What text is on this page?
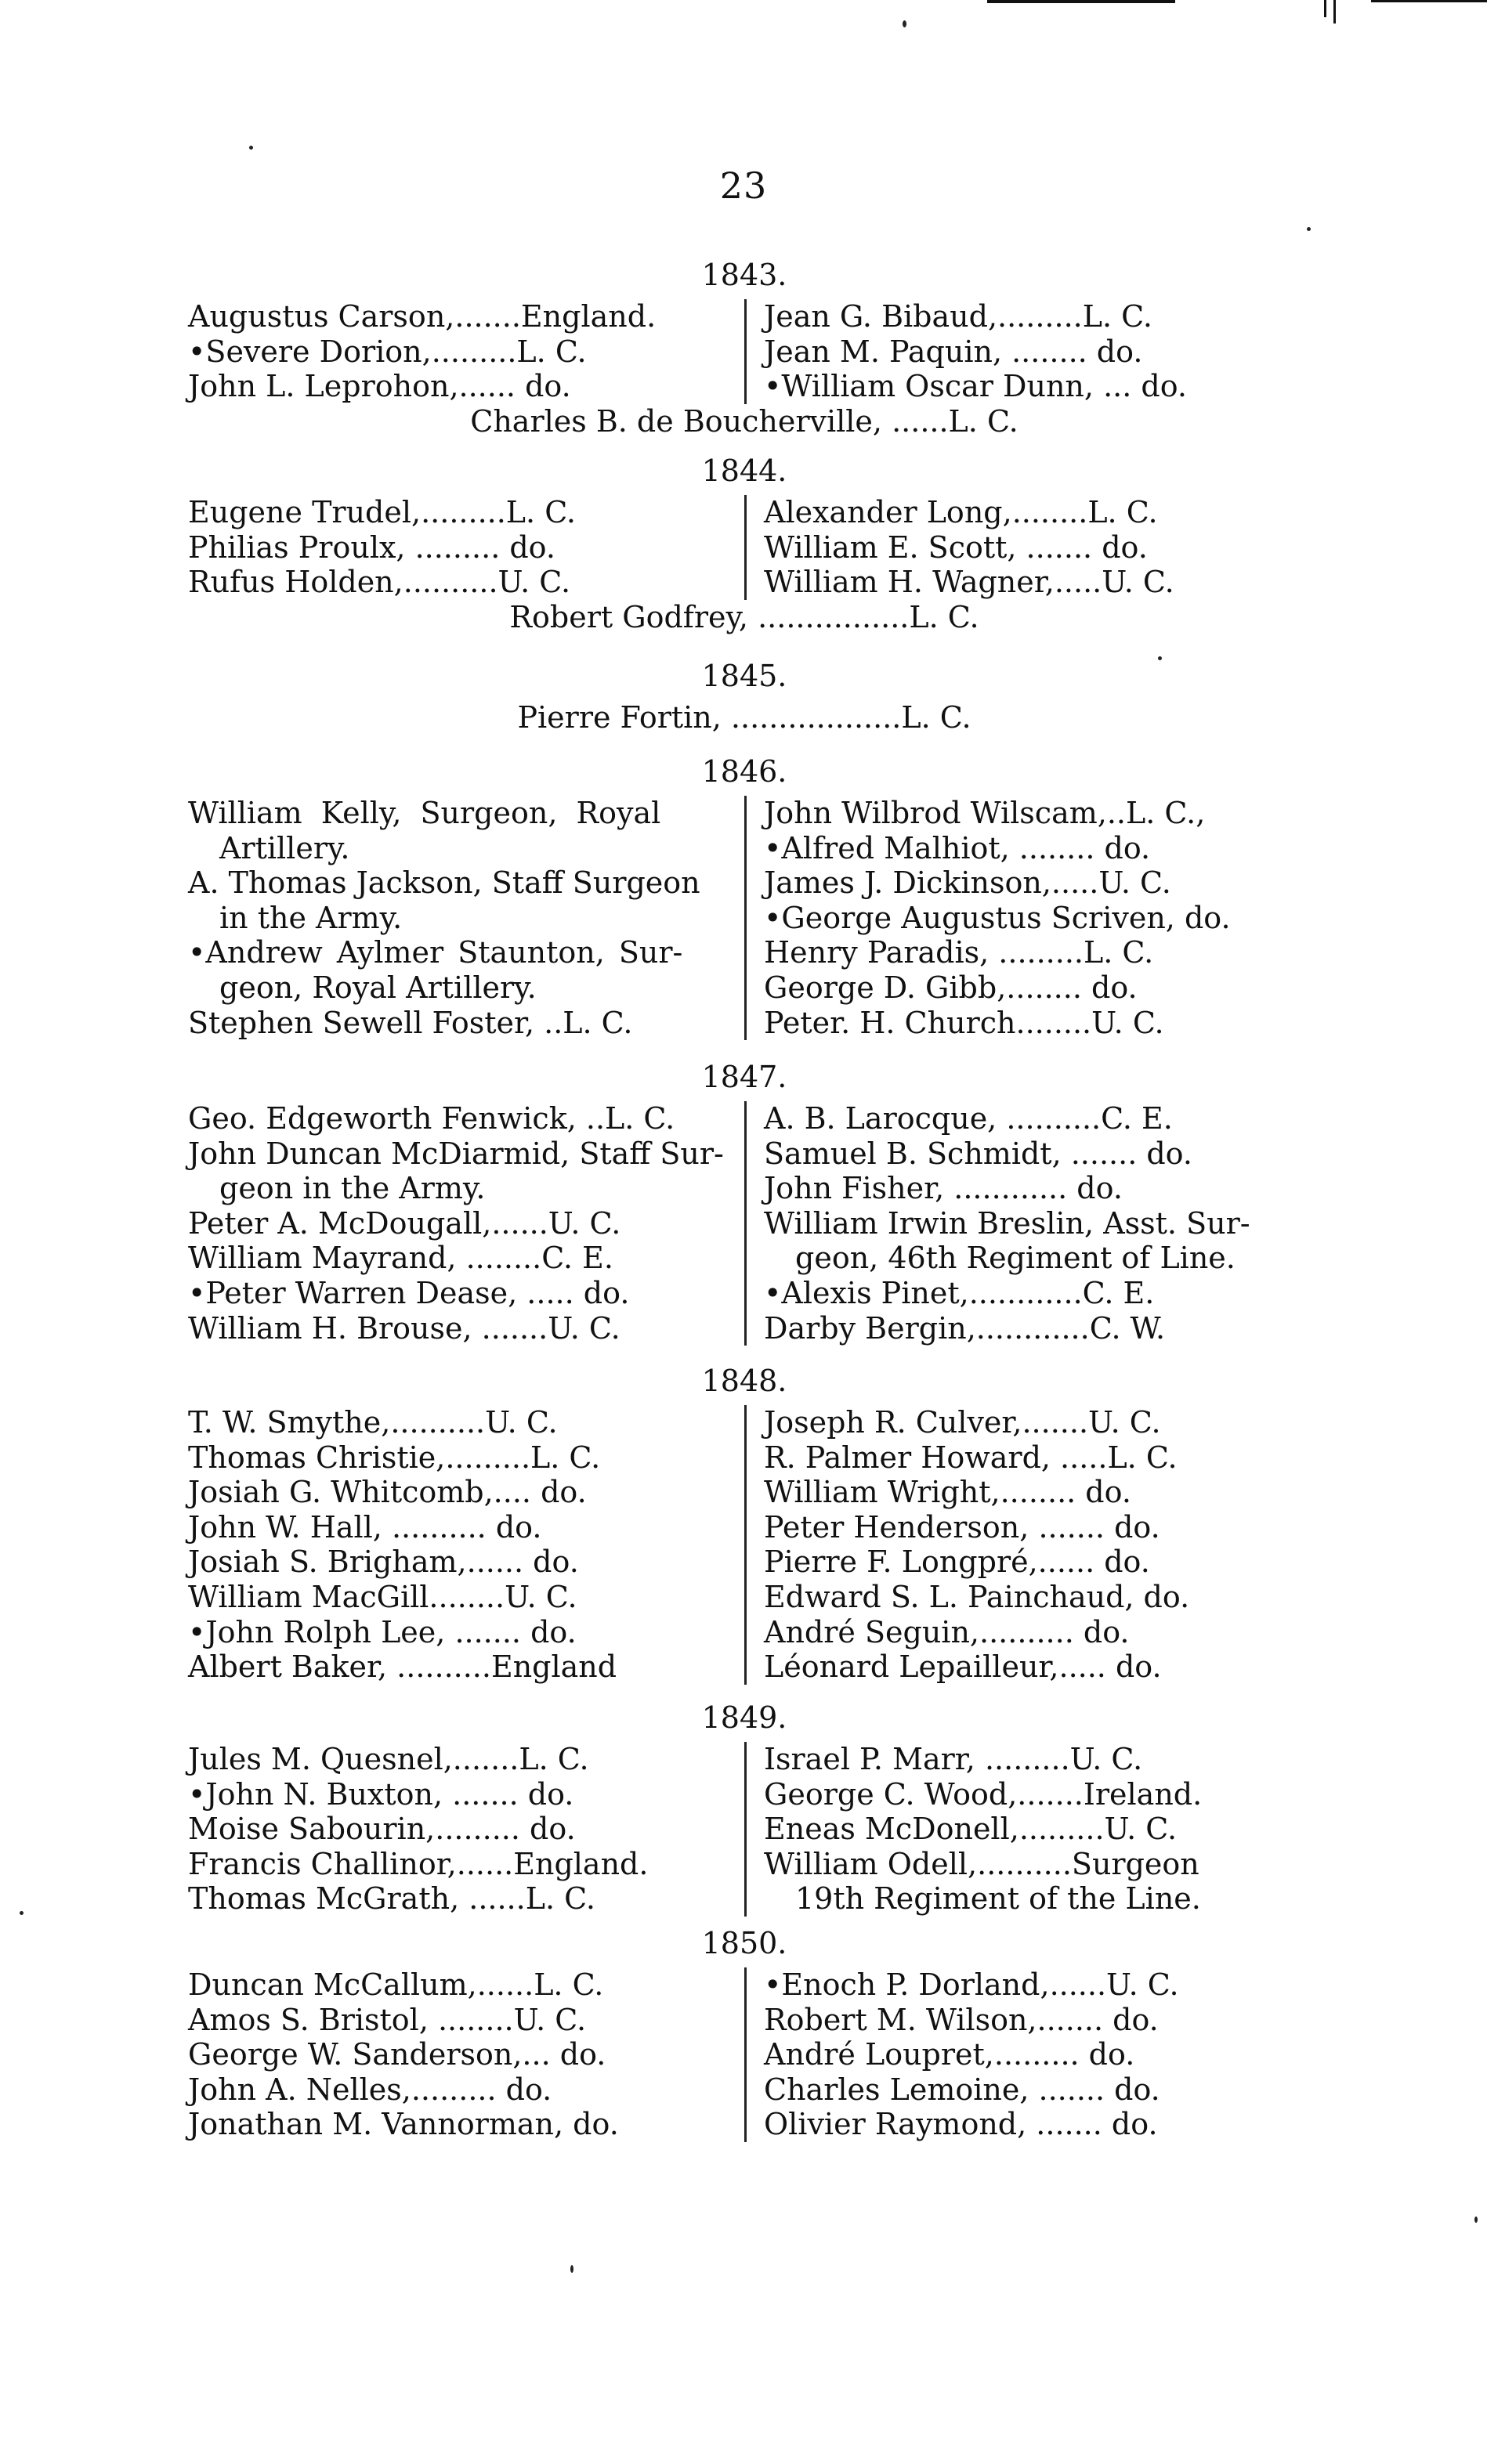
23
1843.
Augustus Carson,.......England.
•Severe Dorion,.........L. C.
John L. Leprohon,...... do.
Jean G. Bibaud,.........L. C.
Jean M. Paquin, ........ do.
•William Oscar Dunn, ... do.
Charles B. de Boucherville, ......L. C.
1844.
Eugene Trudel,.........L. C.
Philias Proulx, ......... do.
Rufus Holden,..........U. C.
Alexander Long,........L. C.
William E. Scott, ....... do.
William H. Wagner,.....U. C.
Robert Godfrey, ................L. C.
1845.
Pierre Fortin, ..................L. C.
1846.
William Kelly, Surgeon, Royal
Artillery.
A. Thomas Jackson, Staff Surgeon
in the Army.
•Andrew Aylmer Staunton, Sur-
geon, Royal Artillery.
Stephen Sewell Foster, ..L. C.
John Wilbrod Wilscam,..L. C.,
•Alfred Malhiot, ........ do.
James J. Dickinson,.....U. C.
•George Augustus Scriven, do.
Henry Paradis, .........L. C.
George D. Gibb,........ do.
Peter. H. Church........U. C.
1847.
Geo. Edgeworth Fenwick, ..L. C.
John Duncan McDiarmid, Staff Sur-
geon in the Army.
Peter A. McDougall,......U. C.
William Mayrand, ........C. E.
•Peter Warren Dease, ..... do.
William H. Brouse, .......U. C.
A. B. Larocque, ..........C. E.
Samuel B. Schmidt, ....... do.
John Fisher, ............ do.
William Irwin Breslin, Asst. Sur-
geon, 46th Regiment of Line.
•Alexis Pinet,............C. E.
Darby Bergin,............C. W.
1848.
T. W. Smythe,..........U. C.
Thomas Christie,.........L. C.
Josiah G. Whitcomb,.... do.
John W. Hall, .......... do.
Josiah S. Brigham,...... do.
William MacGill........U. C.
•John Rolph Lee, ....... do.
Albert Baker, ..........England
Joseph R. Culver,.......U. C.
R. Palmer Howard, .....L. C.
William Wright,........ do.
Peter Henderson, ....... do.
Pierre F. Longpré,...... do.
Edward S. L. Painchaud, do.
André Seguin,.......... do.
Léonard Lepailleur,..... do.
1849.
Jules M. Quesnel,.......L. C.
•John N. Buxton, ....... do.
Moise Sabourin,......... do.
Francis Challinor,......England.
Thomas McGrath, ......L. C.
Israel P. Marr, .........U. C.
George C. Wood,.......Ireland.
Eneas McDonell,.........U. C.
William Odell,..........Surgeon
19th Regiment of the Line.
1850.
Duncan McCallum,......L. C.
Amos S. Bristol, ........U. C.
George W. Sanderson,... do.
John A. Nelles,......... do.
Jonathan M. Vannorman, do.
•Enoch P. Dorland,......U. C.
Robert M. Wilson,....... do.
André Loupret,......... do.
Charles Lemoine, ....... do.
Olivier Raymond, ....... do.
